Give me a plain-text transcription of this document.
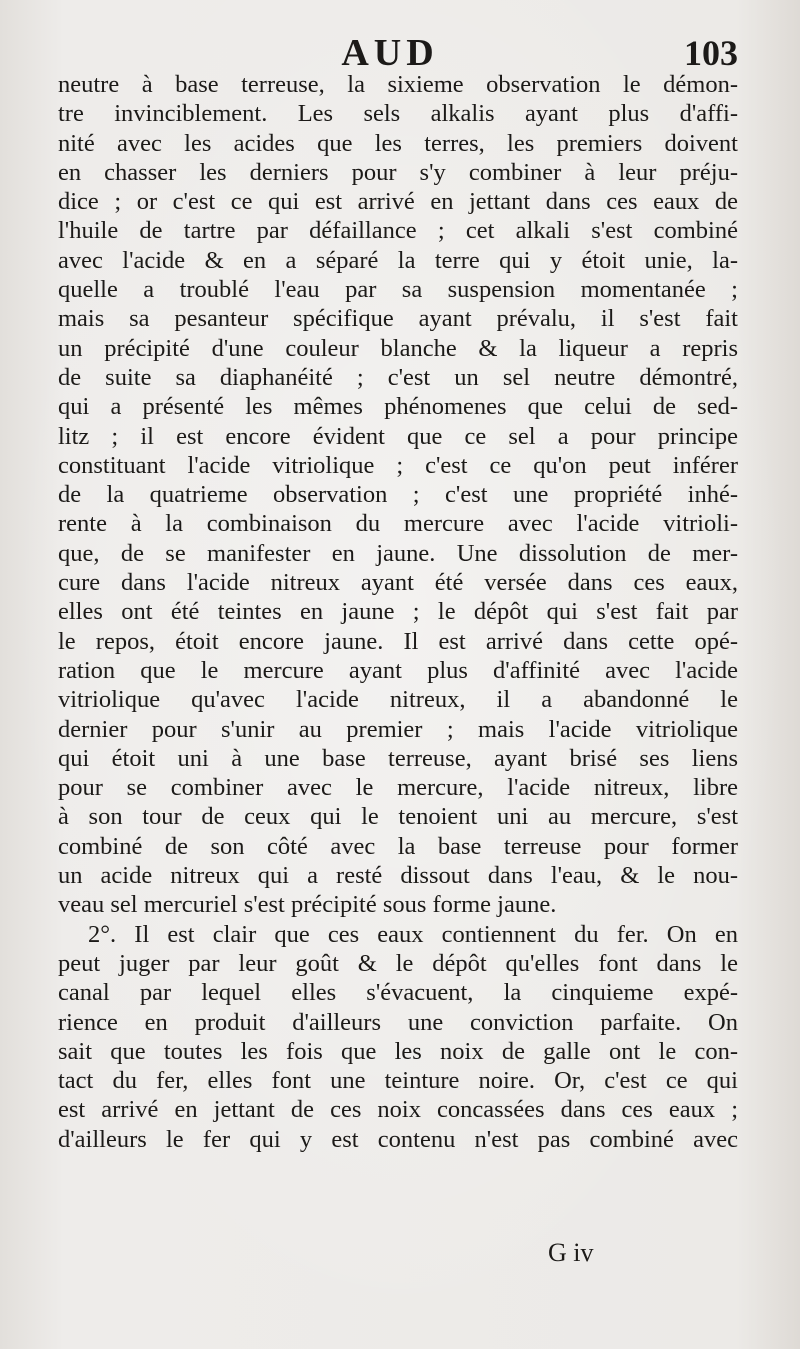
AUD	103
neutre à base terreuse, la sixieme observation le démon-
tre invinciblement. Les sels alkalis ayant plus d'affi-
nité avec les acides que les terres, les premiers doivent
en chasser les derniers pour s'y combiner à leur préju-
dice ; or c'est ce qui est arrivé en jettant dans ces eaux de
l'huile de tartre par défaillance ; cet alkali s'est combiné
avec l'acide & en a séparé la terre qui y étoit unie, la-
quelle a troublé l'eau par sa suspension momentanée ;
mais sa pesanteur spécifique ayant prévalu, il s'est fait
un précipité d'une couleur blanche & la liqueur a repris
de suite sa diaphanéité ; c'est un sel neutre démontré,
qui a présenté les mêmes phénomenes que celui de sed-
litz ; il est encore évident que ce sel a pour principe
constituant l'acide vitriolique ; c'est ce qu'on peut inférer
de la quatrieme observation ; c'est une propriété inhé-
rente à la combinaison du mercure avec l'acide vitrioli-
que, de se manifester en jaune. Une dissolution de mer-
cure dans l'acide nitreux ayant été versée dans ces eaux,
elles ont été teintes en jaune ; le dépôt qui s'est fait par
le repos, étoit encore jaune. Il est arrivé dans cette opé-
ration que le mercure ayant plus d'affinité avec l'acide
vitriolique qu'avec l'acide nitreux, il a abandonné le
dernier pour s'unir au premier ; mais l'acide vitriolique
qui étoit uni à une base terreuse, ayant brisé ses liens
pour se combiner avec le mercure, l'acide nitreux, libre
à son tour de ceux qui le tenoient uni au mercure, s'est
combiné de son côté avec la base terreuse pour former
un acide nitreux qui a resté dissout dans l'eau, & le nou-
veau sel mercuriel s'est précipité sous forme jaune.
2°. Il est clair que ces eaux contiennent du fer. On en
peut juger par leur goût & le dépôt qu'elles font dans le
canal par lequel elles s'évacuent, la cinquieme expé-
rience en produit d'ailleurs une conviction parfaite. On
sait que toutes les fois que les noix de galle ont le con-
tact du fer, elles font une teinture noire. Or, c'est ce qui
est arrivé en jettant de ces noix concassées dans ces eaux ;
d'ailleurs le fer qui y est contenu n'est pas combiné avec
G iv
